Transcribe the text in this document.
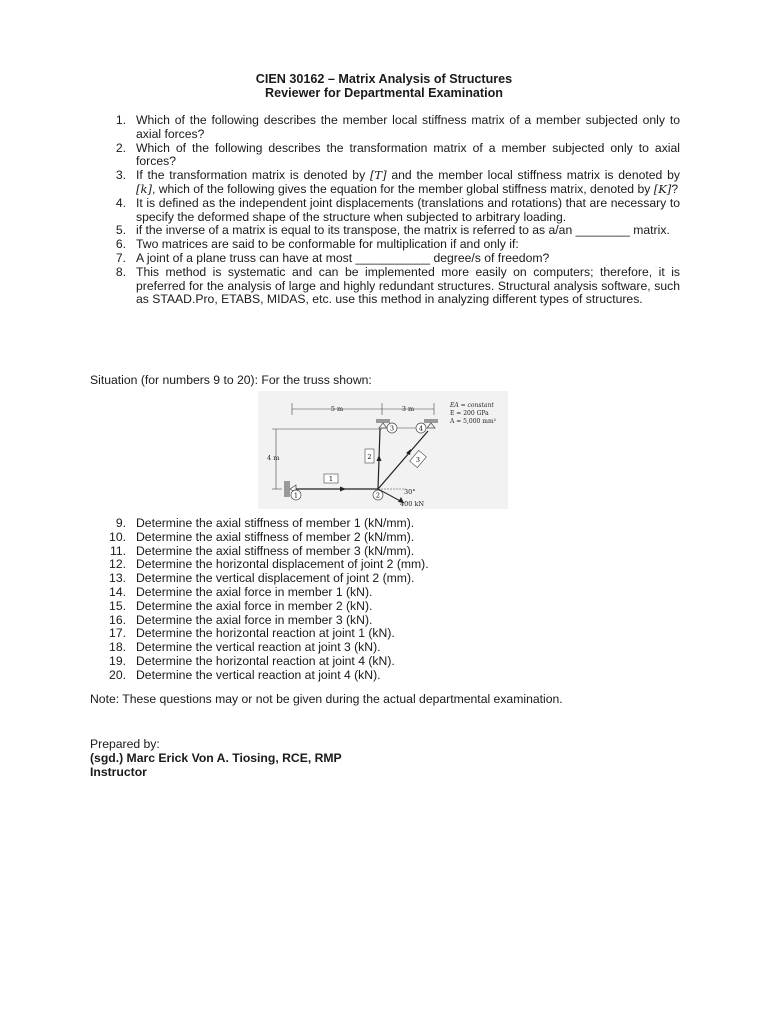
CIEN 30162 – Matrix Analysis of Structures
Reviewer for Departmental Examination
1. Which of the following describes the member local stiffness matrix of a member subjected only to axial forces?
2. Which of the following describes the transformation matrix of a member subjected only to axial forces?
3. If the transformation matrix is denoted by [T] and the member local stiffness matrix is denoted by [k], which of the following gives the equation for the member global stiffness matrix, denoted by [K]?
4. It is defined as the independent joint displacements (translations and rotations) that are necessary to specify the deformed shape of the structure when subjected to arbitrary loading.
5. if the inverse of a matrix is equal to its transpose, the matrix is referred to as a/an ________ matrix.
6. Two matrices are said to be conformable for multiplication if and only if:
7. A joint of a plane truss can have at most ___________ degree/s of freedom?
8. This method is systematic and can be implemented more easily on computers; therefore, it is preferred for the analysis of large and highly redundant structures. Structural analysis software, such as STAAD.Pro, ETABS, MIDAS, etc. use this method in analyzing different types of structures.
Situation (for numbers 9 to 20): For the truss shown:
5 m	3 m
4 m
EA = constant
E = 200 GPa
A = 5,000 mm²
1
2	3
1	2
3	4
30°
400 kN
9. Determine the axial stiffness of member 1 (kN/mm).
10. Determine the axial stiffness of member 2 (kN/mm).
11. Determine the axial stiffness of member 3 (kN/mm).
12. Determine the horizontal displacement of joint 2 (mm).
13. Determine the vertical displacement of joint 2 (mm).
14. Determine the axial force in member 1 (kN).
15. Determine the axial force in member 2 (kN).
16. Determine the axial force in member 3 (kN).
17. Determine the horizontal reaction at joint 1 (kN).
18. Determine the vertical reaction at joint 3 (kN).
19. Determine the horizontal reaction at joint 4 (kN).
20. Determine the vertical reaction at joint 4 (kN).
Note: These questions may or not be given during the actual departmental examination.
Prepared by:
(sgd.) Marc Erick Von A. Tiosing, RCE, RMP
Instructor
